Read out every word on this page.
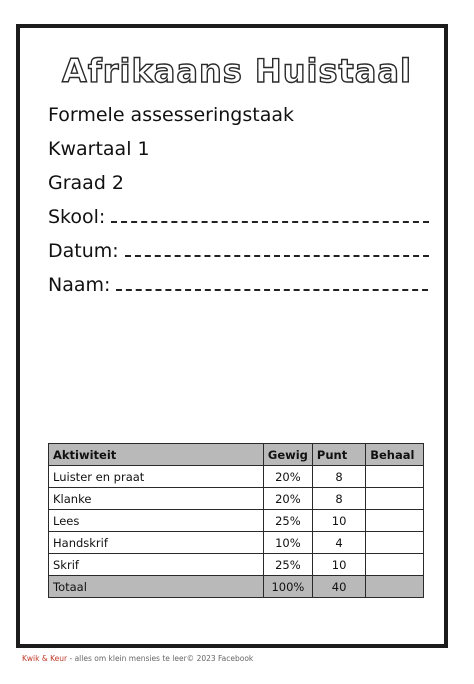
Afrikaans Huistaal
Formele assesseringstaak
Kwartaal 1
Graad 2
Skool:
Datum:
Naam:
Aktiwiteit	Gewig	Punt	Behaal
Luister en praat	20%	8	
Klanke	20%	8	
Lees	25%	10	
Handskrif	10%	4	
Skrif	25%	10	
Totaal	100%	40	
Kwik & Keur - alles om klein mensies te leer© 2023 Facebook
